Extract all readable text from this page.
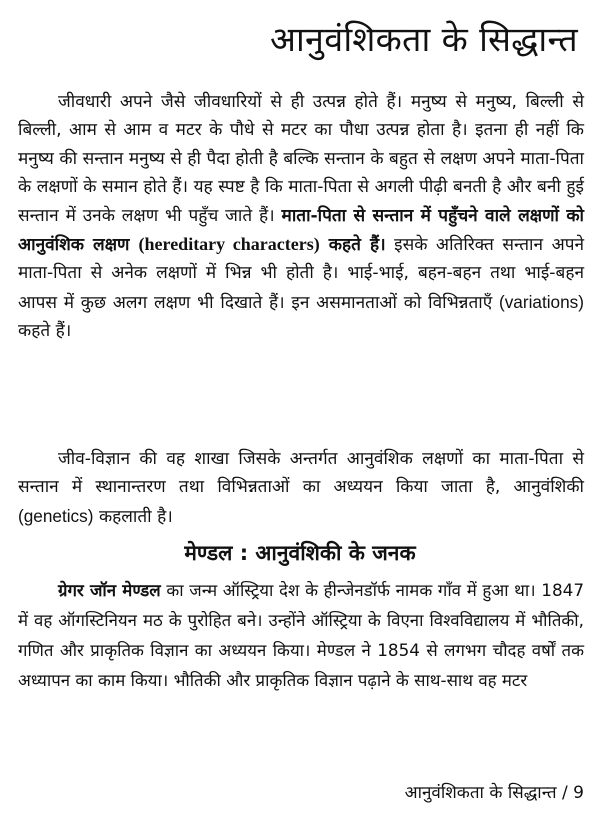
आनुवंशिकता के सिद्धान्त

जीवधारी अपने जैसे जीवधारियों से ही उत्पन्न होते हैं। मनुष्य से मनुष्य, बिल्ली से बिल्ली, आम से आम व मटर के पौधे से मटर का पौधा उत्पन्न होता है। इतना ही नहीं कि मनुष्य की सन्तान मनुष्य से ही पैदा होती है बल्कि सन्तान के बहुत से लक्षण अपने माता-पिता के लक्षणों के समान होते हैं। यह स्पष्ट है कि माता-पिता से अगली पीढ़ी बनती है और बनी हुई सन्तान में उनके लक्षण भी पहुँच जाते हैं। माता-पिता से सन्तान में पहुँचने वाले लक्षणों को आनुवंशिक लक्षण (hereditary characters) कहते हैं। इसके अतिरिक्त सन्तान अपने माता-पिता से अनेक लक्षणों में भिन्न भी होती है। भाई-भाई, बहन-बहन तथा भाई-बहन आपस में कुछ अलग लक्षण भी दिखाते हैं। इन असमानताओं को विभिन्नताएँ (variations) कहते हैं।

जीव-विज्ञान की वह शाखा जिसके अन्तर्गत आनुवंशिक लक्षणों का माता-पिता से सन्तान में स्थानान्तरण तथा विभिन्नताओं का अध्ययन किया जाता है, आनुवंशिकी (genetics) कहलाती है।

मेण्डल : आनुवंशिकी के जनक

ग्रेगर जॉन मेण्डल का जन्म ऑस्ट्रिया देश के हीन्जेनडॉर्फ नामक गाँव में हुआ था। 1847 में वह ऑगस्टिनियन मठ के पुरोहित बने। उन्होंने ऑस्ट्रिया के विएना विश्वविद्यालय में भौतिकी, गणित और प्राकृतिक विज्ञान का अध्ययन किया। मेण्डल ने 1854 से लगभग चौदह वर्षों तक अध्यापन का काम किया। भौतिकी और प्राकृतिक विज्ञान पढ़ाने के साथ-साथ वह मटर

आनुवंशिकता के सिद्धान्त / 9
